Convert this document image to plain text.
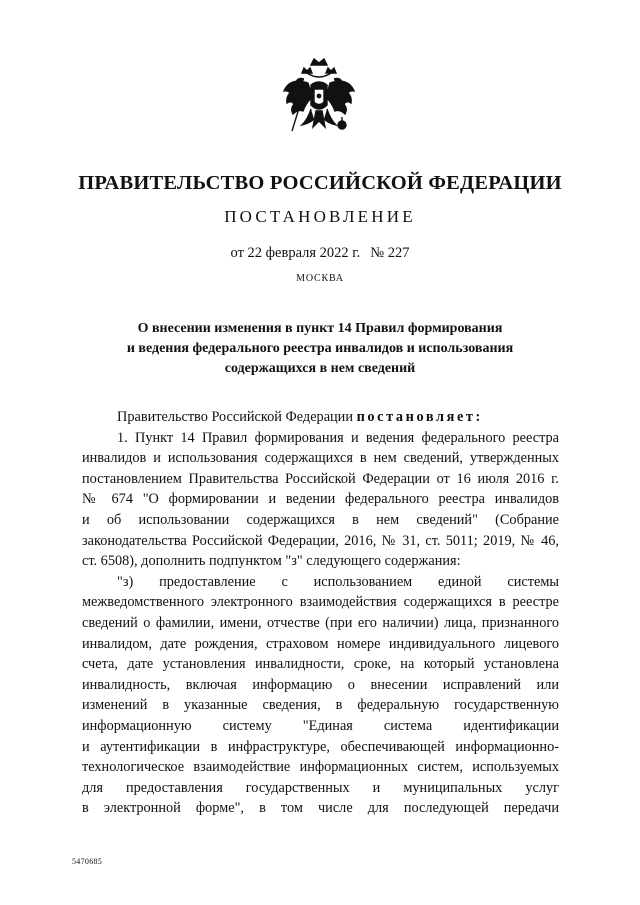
ПРАВИТЕЛЬСТВО РОССИЙСКОЙ ФЕДЕРАЦИИ
ПОСТАНОВЛЕНИЕ
от 22 февраля 2022 г. № 227
МОСКВА
О внесении изменения в пункт 14 Правил формирования
и ведения федерального реестра инвалидов и использования
содержащихся в нем сведений
Правительство Российской Федерации постановляет:
1. Пункт 14 Правил формирования и ведения федерального реестра
инвалидов и использования содержащихся в нем сведений, утвержденных
постановлением Правительства Российской Федерации от 16 июля 2016 г.
№ 674 "О формировании и ведении федерального реестра инвалидов
и об использовании содержащихся в нем сведений" (Собрание
законодательства Российской Федерации, 2016, № 31, ст. 5011; 2019, № 46,
ст. 6508), дополнить подпунктом "з" следующего содержания:
"з) предоставление с использованием единой системы
межведомственного электронного взаимодействия содержащихся в реестре
сведений о фамилии, имени, отчестве (при его наличии) лица, признанного
инвалидом, дате рождения, страховом номере индивидуального лицевого
счета, дате установления инвалидности, сроке, на который установлена
инвалидность, включая информацию о внесении исправлений или
изменений в указанные сведения, в федеральную государственную
информационную систему "Единая система идентификации
и аутентификации в инфраструктуре, обеспечивающей информационно-
технологическое взаимодействие информационных систем, используемых
для предоставления государственных и муниципальных услуг
в электронной форме", в том числе для последующей передачи
5470685
